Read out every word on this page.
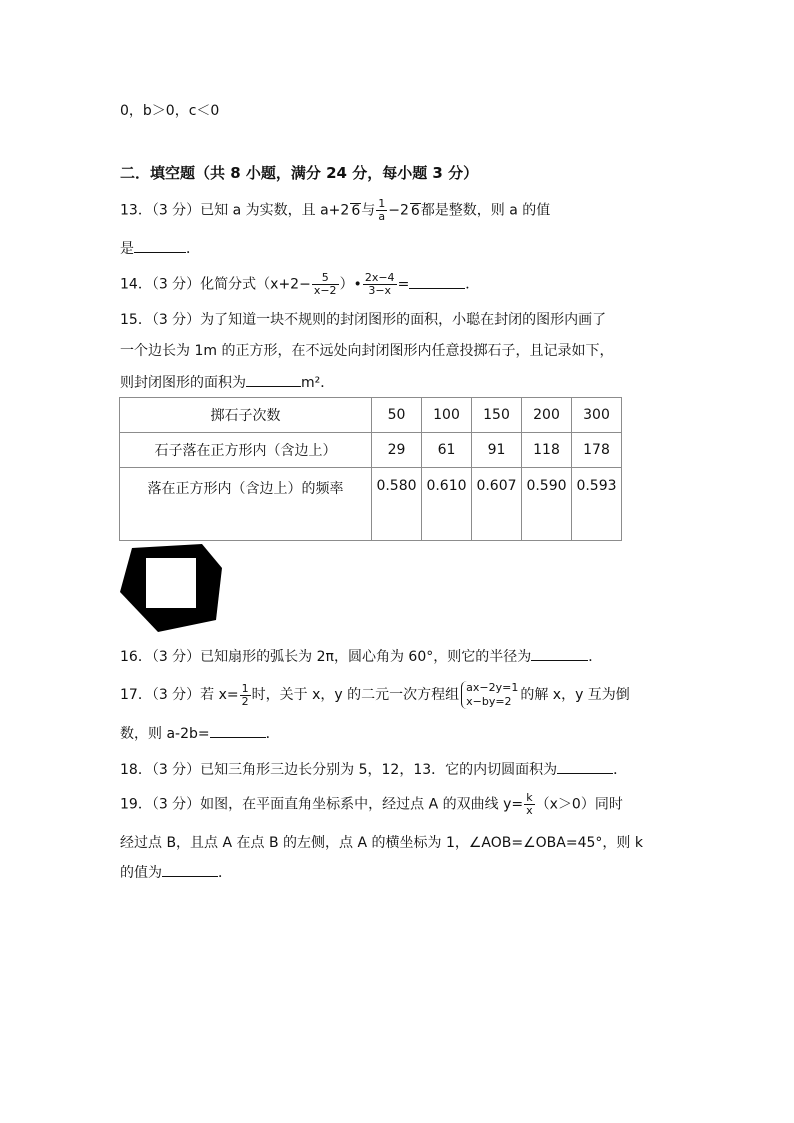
0，b＞0，c＜0
二．填空题（共 8 小题，满分 24 分，每小题 3 分）
13．（3 分）已知 a 为实数，且 a+2 6与 $\frac{1}{a} -2$ 6都是整数，则 a 的值
是	．
14．（3 分）化简分式（$x+2- \frac{5}{x-2}$ ）• $\frac{2x-4}{3-x}$ =	．
15．（3 分）为了知道一块不规则的封闭图形的面积，小聪在封闭的图形内画了
一个边长为 1m 的正方形，在不远处向封闭图形内任意投掷石子，且记录如下，
则封闭图形的面积为	m²．
掷石子次数	50	100	150	200	300
石子落在正方形内（含边上）	29	61	91	118	178
落在正方形内（含边上）的频率	0.580	0.610	0.607	0.590	0.593
16．（3 分）已知扇形的弧长为 2π，圆心角为 60°，则它的半径为	．
17．（3 分）若 $x= \frac{1}{2}$ 时，关于 x，y 的二元一次方程组 ax−2y=1
x−by=2 的解 x，y 互为倒
数，则 a-2b=	．
18．（3 分）已知三角形三边长分别为 5，12，13．它的内切圆面积为	．
19．（3 分）如图，在平面直角坐标系中，经过点 A 的双曲线 $y= \frac{k}{x} (x>0)$同时
经过点 B，且点 A 在点 B 的左侧，点 A 的横坐标为 1，∠AOB=∠OBA=45°，则 k
的值为	．
